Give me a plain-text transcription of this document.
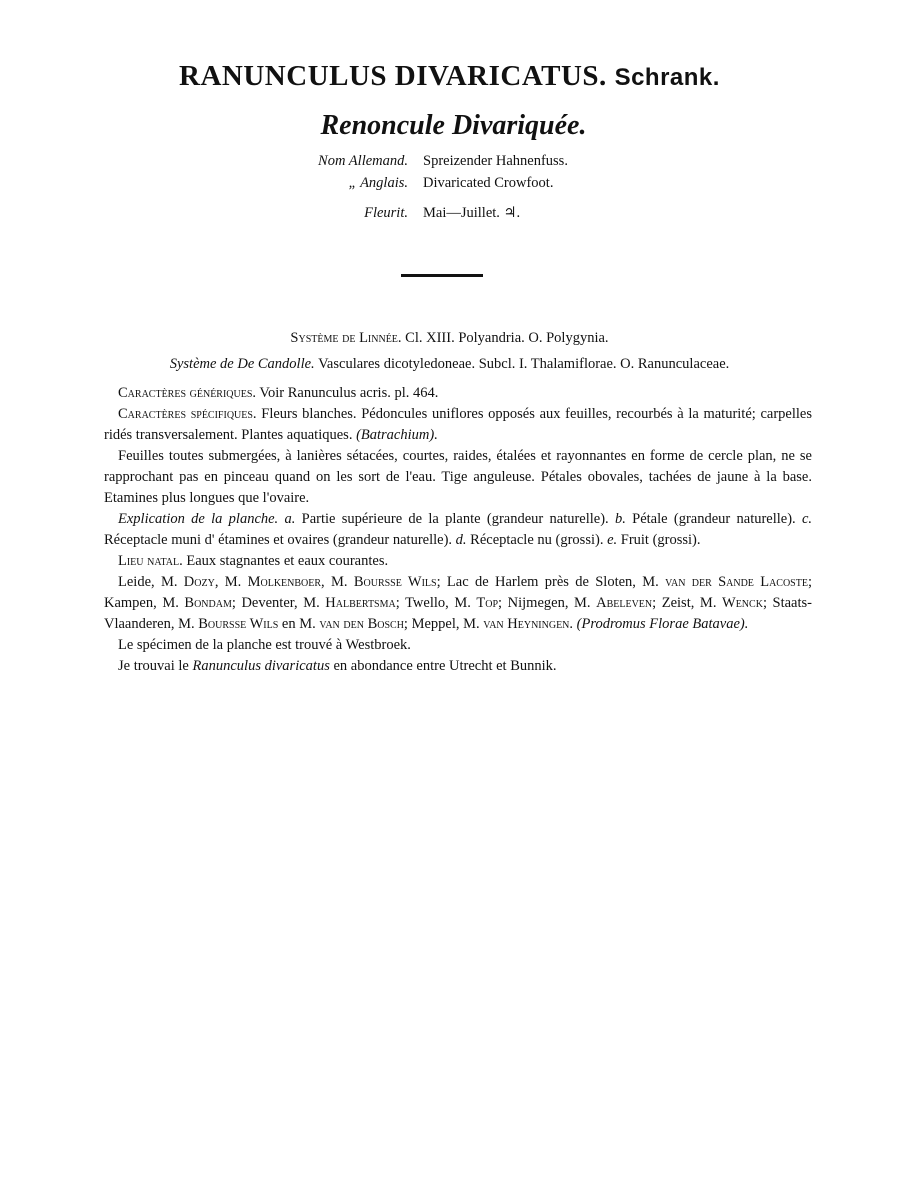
RANUNCULUS DIVARICATUS. Schrank.
Renoncule Divariquée.
Nom Allemand. Spreizender Hahnenfuss.
„ Anglais. Divaricated Crowfoot.
Fleurit. Mai—Juillet. ♃.
Système de Linnée. Cl. XIII. Polyandria. O. Polygynia.
Système de De Candolle. Vasculares dicotyledoneae. Subcl. I. Thalamiflorae. O. Ranunculaceae.

Caractères génériques. Voir Ranunculus acris. pl. 464.

Caractères spécifiques. Fleurs blanches. Pédoncules uniflores opposés aux feuilles, recourbés à la maturité; carpelles ridés transversalement. Plantes aquatiques. (Batrachium).

Feuilles toutes submergées, à lanières sétacées, courtes, raides, étalées et rayonnantes en forme de cercle plan, ne se rapprochant pas en pinceau quand on les sort de l'eau. Tige anguleuse. Pétales obovales, tachées de jaune à la base. Etamines plus longues que l'ovaire.

Explication de la planche. a. Partie supérieure de la plante (grandeur naturelle). b. Pétale (grandeur naturelle). c. Réceptacle muni d' étamines et ovaires (grandeur naturelle). d. Réceptacle nu (grossi). e. Fruit (grossi).

Lieu natal. Eaux stagnantes et eaux courantes.

Leide, M. Dozy, M. Molkenboer, M. Boursse Wils; Lac de Harlem près de Sloten, M. van der Sande Lacoste; Kampen, M. Bondam; Deventer, M. Halbertsma; Twello, M. Top; Nijmegen, M. Abeleven; Zeist, M. Wenck; Staats-Vlaanderen, M. Boursse Wils en M. van den Bosch; Meppel, M. van Heyningen. (Prodromus Florae Batavae).

Le spécimen de la planche est trouvé à Westbroek.

Je trouvai le Ranunculus divaricatus en abondance entre Utrecht et Bunnik.
